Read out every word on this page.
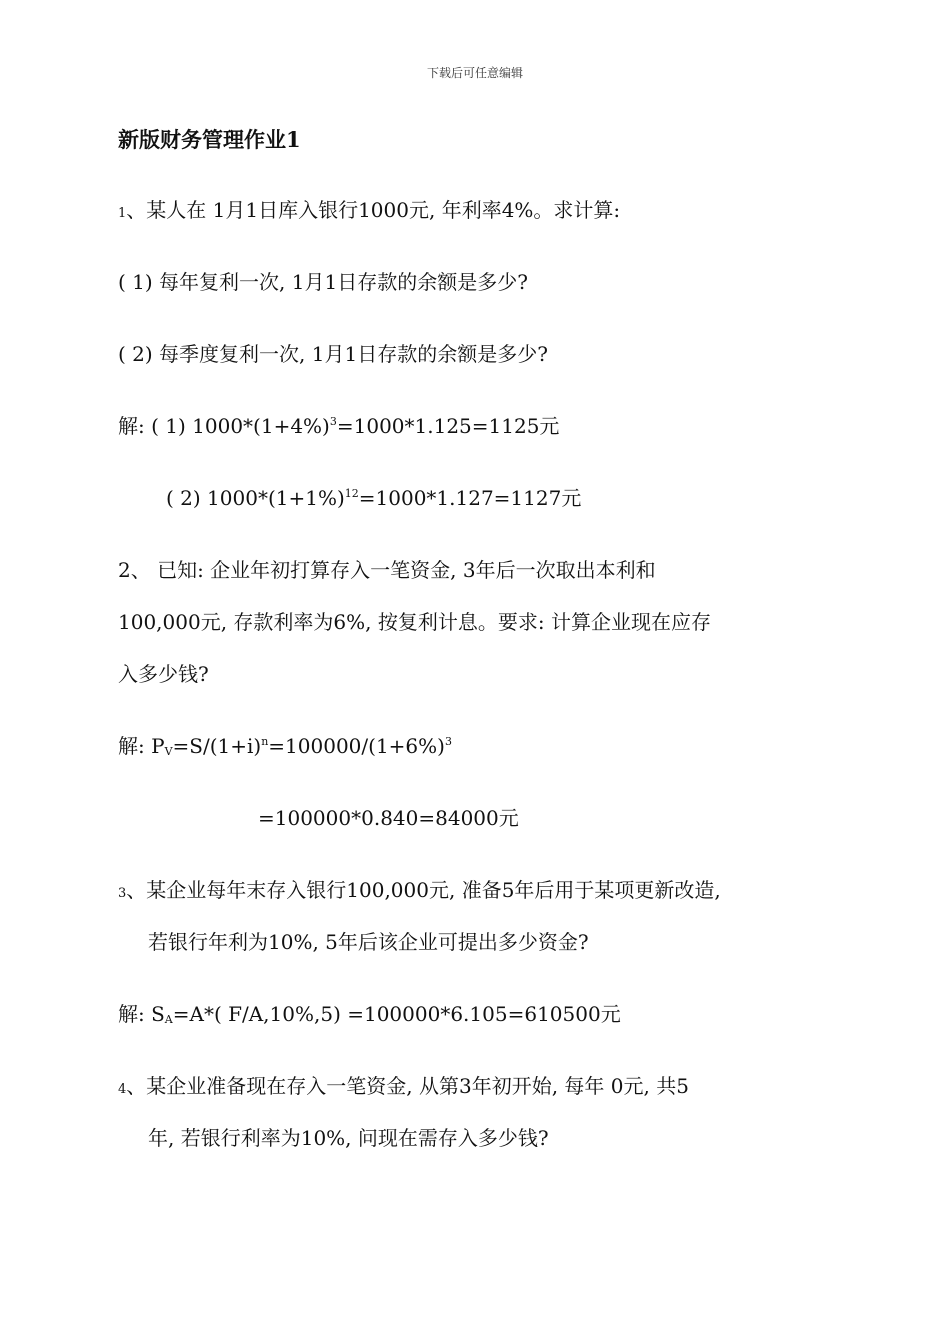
下载后可任意编辑
新版财务管理作业1
1、某人在 1月1日库入银行1000元, 年利率4%。求计算:
( 1) 每年复利一次, 1月1日存款的余额是多少?
( 2) 每季度复利一次, 1月1日存款的余额是多少?
解: ( 1) $1000*(1+4\%)^3=1000*1.125=1125$元
( 2) $1000*(1+1\%)^{12}=1000*1.127=1127$元
2、 已知: 企业年初打算存入一笔资金, 3年后一次取出本利和
100,000元, 存款利率为6%, 按复利计息。要求: 计算企业现在应存
入多少钱?
解: $P_V=S/(1+i)^n=100000/(1+6\%)^3$
=100000*0.840=84000元
3、某企业每年末存入银行100,000元, 准备5年后用于某项更新改造,
若银行年利为10%, 5年后该企业可提出多少资金?
解: $S_A=A*$( F/A,10%,5) =100000*6.105=610500元
4、某企业准备现在存入一笔资金, 从第3年初开始, 每年 0元, 共5
年, 若银行利率为10%, 问现在需存入多少钱?
